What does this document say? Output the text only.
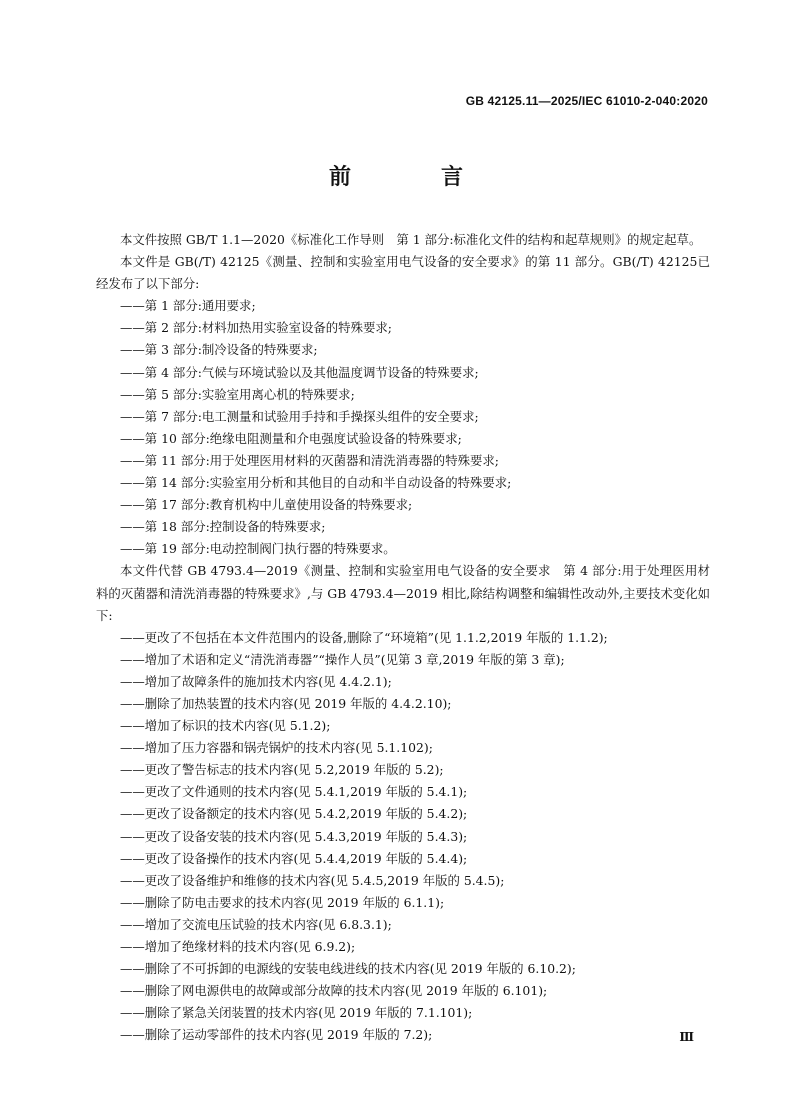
GB 42125.11—2025/IEC 61010-2-040:2020
前　言

本文件按照 GB/T 1.1—2020《标准化工作导则　第 1 部分:标准化文件的结构和起草规则》的规定起草。

本文件是 GB(/T) 42125《测量、控制和实验室用电气设备的安全要求》的第 11 部分。GB(/T) 42125已经发布了以下部分:

——第 1 部分:通用要求;
——第 2 部分:材料加热用实验室设备的特殊要求;
——第 3 部分:制冷设备的特殊要求;
——第 4 部分:气候与环境试验以及其他温度调节设备的特殊要求;
——第 5 部分:实验室用离心机的特殊要求;
——第 7 部分:电工测量和试验用手持和手操探头组件的安全要求;
——第 10 部分:绝缘电阻测量和介电强度试验设备的特殊要求;
——第 11 部分:用于处理医用材料的灭菌器和清洗消毒器的特殊要求;
——第 14 部分:实验室用分析和其他目的自动和半自动设备的特殊要求;
——第 17 部分:教育机构中儿童使用设备的特殊要求;
——第 18 部分:控制设备的特殊要求;
——第 19 部分:电动控制阀门执行器的特殊要求。

本文件代替 GB 4793.4—2019《测量、控制和实验室用电气设备的安全要求　第 4 部分:用于处理医用材料的灭菌器和清洗消毒器的特殊要求》,与 GB 4793.4—2019 相比,除结构调整和编辑性改动外,主要技术变化如下:

——更改了不包括在本文件范围内的设备,删除了“环境箱”(见 1.1.2,2019 年版的 1.1.2);
——增加了术语和定义“清洗消毒器”“操作人员”(见第 3 章,2019 年版的第 3 章);
——增加了故障条件的施加技术内容(见 4.4.2.1);
——删除了加热装置的技术内容(见 2019 年版的 4.4.2.10);
——增加了标识的技术内容(见 5.1.2);
——增加了压力容器和锅壳锅炉的技术内容(见 5.1.102);
——更改了警告标志的技术内容(见 5.2,2019 年版的 5.2);
——更改了文件通则的技术内容(见 5.4.1,2019 年版的 5.4.1);
——更改了设备额定的技术内容(见 5.4.2,2019 年版的 5.4.2);
——更改了设备安装的技术内容(见 5.4.3,2019 年版的 5.4.3);
——更改了设备操作的技术内容(见 5.4.4,2019 年版的 5.4.4);
——更改了设备维护和维修的技术内容(见 5.4.5,2019 年版的 5.4.5);
——删除了防电击要求的技术内容(见 2019 年版的 6.1.1);
——增加了交流电压试验的技术内容(见 6.8.3.1);
——增加了绝缘材料的技术内容(见 6.9.2);
——删除了不可拆卸的电源线的安装电线进线的技术内容(见 2019 年版的 6.10.2);
——删除了网电源供电的故障或部分故障的技术内容(见 2019 年版的 6.101);
——删除了紧急关闭装置的技术内容(见 2019 年版的 7.1.101);
——删除了运动零部件的技术内容(见 2019 年版的 7.2);	Ⅲ
